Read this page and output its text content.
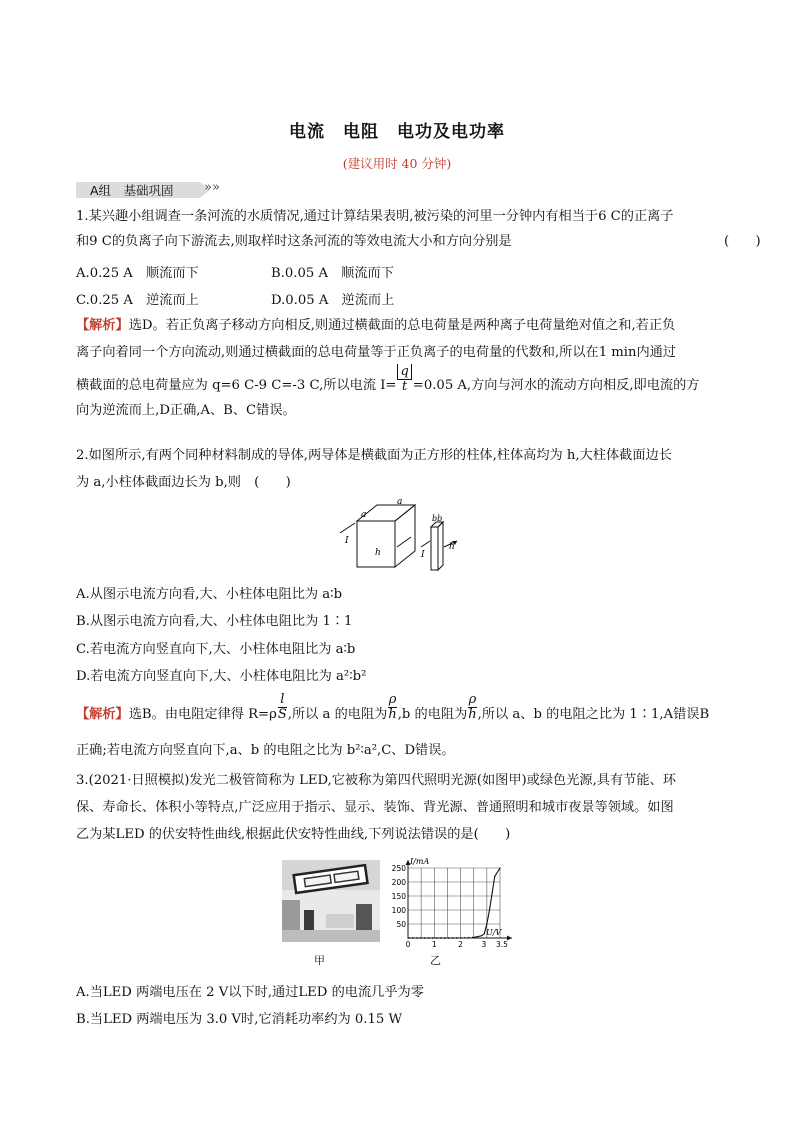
电流　电阻　电功及电功率
(建议用时 40 分钟)
A组　基础巩固 »»
1.某兴趣小组调查一条河流的水质情况,通过计算结果表明,被污染的河里一分钟内有相当于6 C的正离子
和9 C的负离子向下游流去,则取样时这条河流的等效电流大小和方向分别是	(　　)
A.0.25 A　顺流而下	B.0.05 A　顺流而下
C.0.25 A　逆流而上	D.0.05 A　逆流而上
【解析】选D。若正负离子移动方向相反,则通过横截面的总电荷量是两种离子电荷量绝对值之和,若正负
离子向着同一个方向流动,则通过横截面的总电荷量等于正负离子的电荷量的代数和,所以在1 min内通过
横截面的总电荷量应为 q=6 C-9 C=-3 C,所以电流 $I= \frac{q}{t} =0.05$ A,方向与河水的流动方向相反,即电流的方
向为逆流而上,D正确,A、B、C错误。
2.如图所示,有两个同种材料制成的导体,两导体是横截面为正方形的柱体,柱体高均为 h,大柱体截面边长
为 a,小柱体截面边长为 b,则　(　　)
a
a
h
I
bb
h
I
A.从图示电流方向看,大、小柱体电阻比为 a∶b
B.从图示电流方向看,大、小柱体电阻比为 1∶1
C.若电流方向竖直向下,大、小柱体电阻比为 a∶b
D.若电流方向竖直向下,大、小柱体电阻比为 a²∶b²
【解析】选B。由电阻定律得 $R=\rho \frac{l}{S}$ ,所以 a 的电阻为 $\frac{\rho}{h} ,b$ 的电阻为 $\frac{\rho}{h}$ ,所以 a、b 的电阻之比为 1∶1,A错误B
正确;若电流方向竖直向下,a、b 的电阻之比为 b²∶a²,C、D错误。
3.(2021·日照模拟)发光二极管简称为 LED,它被称为第四代照明光源(如图甲)或绿色光源,具有节能、环
保、寿命长、体积小等特点,广泛应用于指示、显示、装饰、背光源、普通照明和城市夜景等领域。如图
乙为某LED 的伏安特性曲线,根据此伏安特性曲线,下列说法错误的是(　　)
甲
50
100
150
200
250
0	1	2 3 3.5
I/mA
U/V
乙
A.当LED 两端电压在 2 V以下时,通过LED 的电流几乎为零
B.当LED 两端电压为 3.0 V时,它消耗功率约为 0.15 W
